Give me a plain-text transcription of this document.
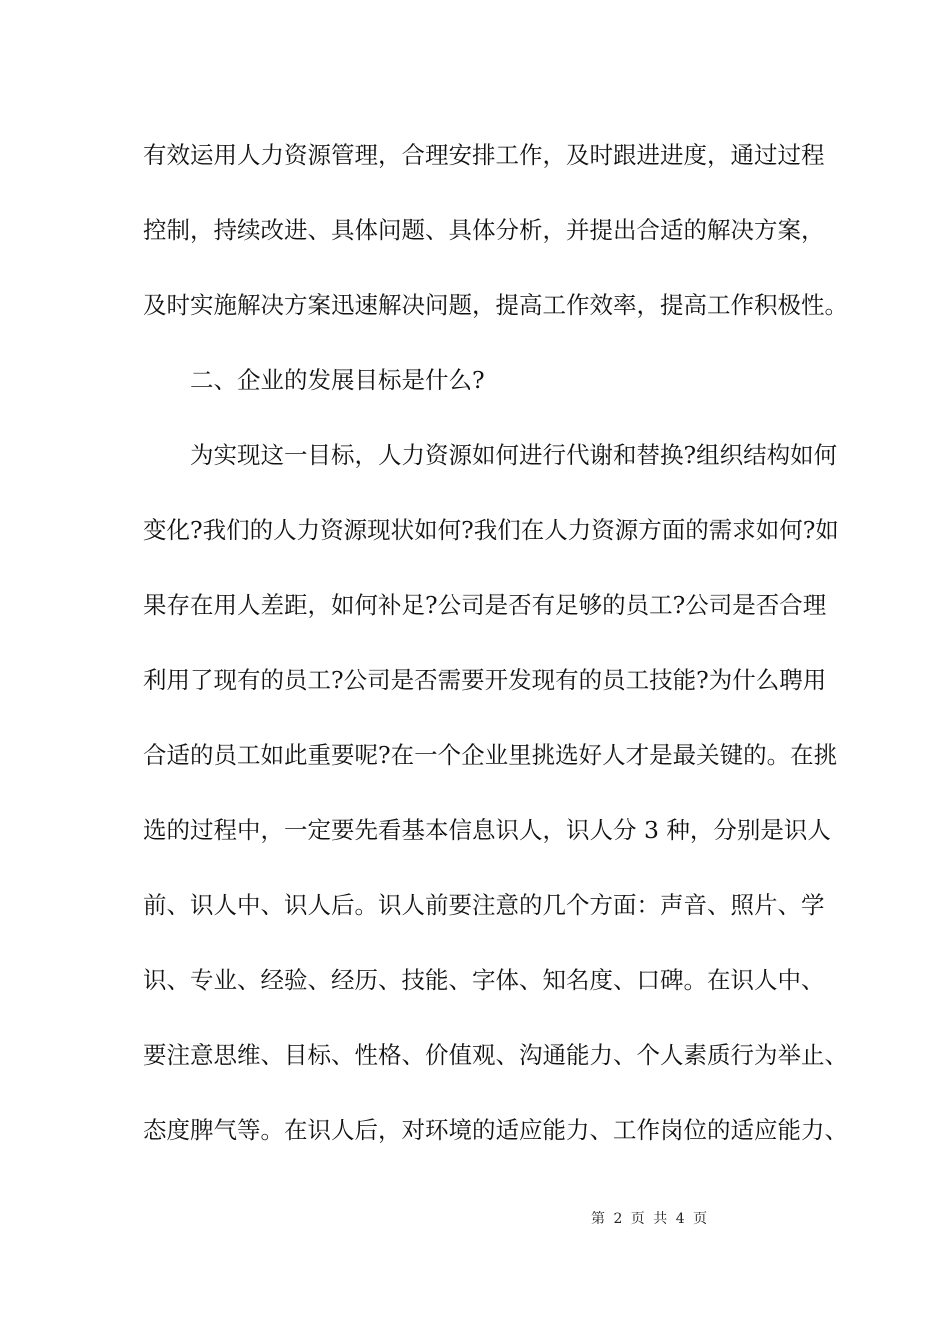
有效运用人力资源管理，合理安排工作，及时跟进进度，通过过程
控制，持续改进、具体问题、具体分析，并提出合适的解决方案，
及时实施解决方案迅速解决问题，提高工作效率，提高工作积极性。
二、企业的发展目标是什么?
为实现这一目标，人力资源如何进行代谢和替换?组织结构如何
变化?我们的人力资源现状如何?我们在人力资源方面的需求如何?如
果存在用人差距，如何补足?公司是否有足够的员工?公司是否合理
利用了现有的员工?公司是否需要开发现有的员工技能?为什么聘用
合适的员工如此重要呢?在一个企业里挑选好人才是最关键的。在挑
选的过程中，一定要先看基本信息识人，识人分 3 种，分别是识人
前、识人中、识人后。识人前要注意的几个方面：声音、照片、学
识、专业、经验、经历、技能、字体、知名度、口碑。在识人中、
要注意思维、目标、性格、价值观、沟通能力、个人素质行为举止、
态度脾气等。在识人后，对环境的适应能力、工作岗位的适应能力、
第 2 页 共 4 页
